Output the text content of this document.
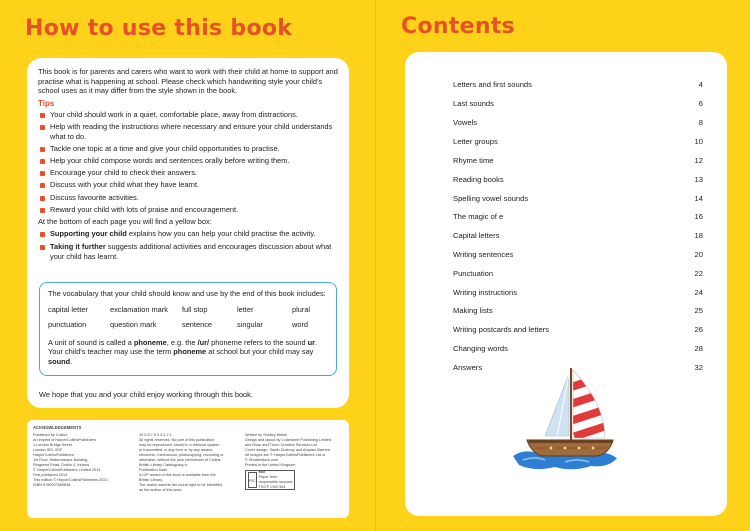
How to use this book
This book is for parents and carers who want to work with their child at home to support and practise what is happening at school. Please check which handwriting style your child’s school uses as it may differ from the style shown in the book.
Tips
Your child should work in a quiet, comfortable place, away from distractions.
Help with reading the instructions where necessary and ensure your child understands what to do.
Tackle one topic at a time and give your child opportunities to practise.
Help your child compose words and sentences orally before writing them.
Encourage your child to check their answers.
Discuss with your child what they have learnt.
Discuss favourite activities.
Reward your child with lots of praise and encouragement.
At the bottom of each page you will find a yellow box:
Supporting your child explains how you can help your child practise the activity.
Taking it further suggests additional activities and encourages discussion about what your child has learnt.
The vocabulary that your child should know and use by the end of this book includes:
capital letter	exclamation mark	full stop	letter	plural
punctuation	question mark	sentence	singular	word
A unit of sound is called a phoneme, e.g. the /ur/ phoneme refers to the sound ur. Your child’s teacher may use the term phoneme at school but your child may say sound.
We hope that you and your child enjoy working through this book.
ACKNOWLEDGEMENTS
Published by Collins
An imprint of HarperCollinsPublishers
1 London Bridge Street
London SE1 9GF
HarperCollinsPublishers
1st Floor, Watermarque Building,
Ringsend Road, Dublin 4, Ireland
© HarperCollinsPublishers Limited 2014
First published 2014
This edition © HarperCollinsPublishers 2022
ISBN 9780007559848
10 9 8 7 6 5 4 3 2 1
All rights reserved. No part of this publication
may be reproduced, stored in a retrieval system,
or transmitted, in any form or by any means,
electronic, mechanical, photocopying, recording or
otherwise, without the prior permission of Collins.
British Library Cataloguing in
Publication Data
A CIP record of this book is available from the
British Library.
The author asserts her moral right to be identified
as the author of this work.
Written by Shelley Welsh
Design and layout by Lodestone Publishing Limited
and Rose and Thorn Creative Services Ltd
Cover design: Sarah Duxbury and Amparo Barrera
All images are © HarperCollinsPublishers Ltd or
© Shutterstock.com
Printed in the United Kingdom
FSC
MIX
Paper from
responsible sources
FSC® C007454
Contents
Letters and first sounds	4
Last sounds	6
Vowels	8
Letter groups	10
Rhyme time	12
Reading books	13
Spelling vowel sounds	14
The magic of e	16
Capital letters	18
Writing sentences	20
Punctuation	22
Writing instructions	24
Making lists	25
Writing postcards and letters	26
Changing words	28
Answers	32
